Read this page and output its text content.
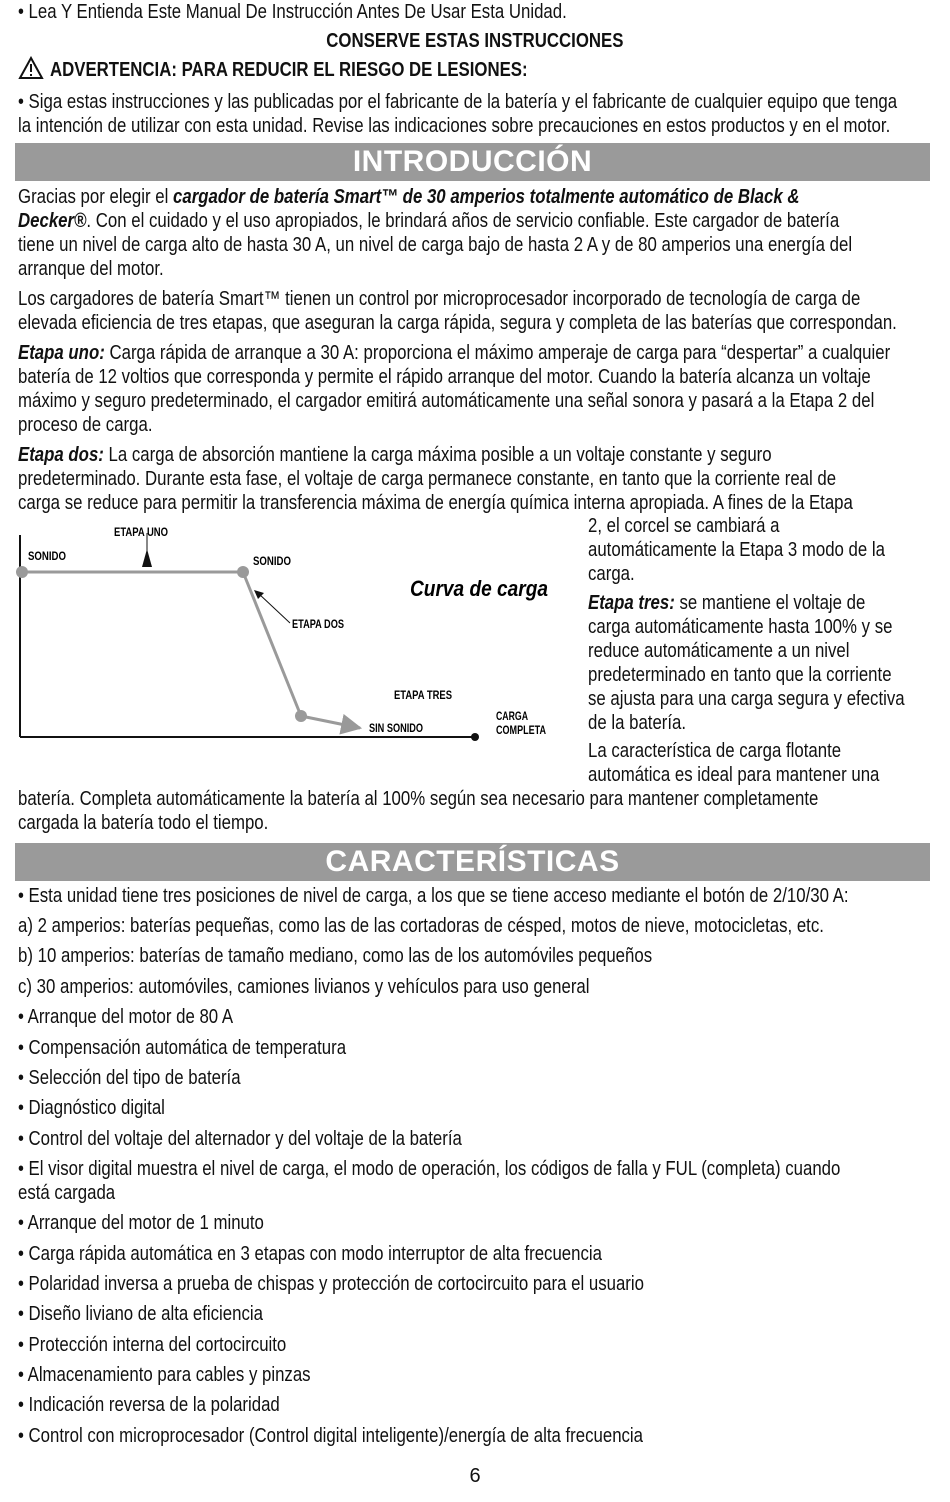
• Lea Y Entienda Este Manual De Instrucción Antes De Usar Esta Unidad.
CONSERVE ESTAS INSTRUCCIONES
ADVERTENCIA: PARA REDUCIR EL RIESGO DE LESIONES:
• Siga estas instrucciones y las publicadas por el fabricante de la batería y el fabricante de cualquier equipo que tenga
la intención de utilizar con esta unidad. Revise las indicaciones sobre precauciones en estos productos y en el motor.
INTRODUCCIÓN
Gracias por elegir el cargador de batería Smart™ de 30 amperios totalmente automático de Black &
Decker®. Con el cuidado y el uso apropiados, le brindará años de servicio confiable. Este cargador de batería
tiene un nivel de carga alto de hasta 30 A, un nivel de carga bajo de hasta 2 A y de 80 amperios una energía del
arranque del motor.
Los cargadores de batería Smart™ tienen un control por microprocesador incorporado de tecnología de carga de
elevada eficiencia de tres etapas, que aseguran la carga rápida, segura y completa de las baterías que correspondan.
Etapa uno: Carga rápida de arranque a 30 A: proporciona el máximo amperaje de carga para “despertar” a cualquier
batería de 12 voltios que corresponda y permite el rápido arranque del motor. Cuando la batería alcanza un voltaje
máximo y seguro predeterminado, el cargador emitirá automáticamente una señal sonora y pasará a la Etapa 2 del
proceso de carga.
Etapa dos: La carga de absorción mantiene la carga máxima posible a un voltaje constante y seguro
predeterminado. Durante esta fase, el voltaje de carga permanece constante, en tanto que la corriente real de
carga se reduce para permitir la transferencia máxima de energía química interna apropiada. A fines de la Etapa
2, el corcel se cambiará a
automáticamente la Etapa 3 modo de la
carga.
Etapa tres: se mantiene el voltaje de
carga automáticamente hasta 100% y se
reduce automáticamente a un nivel
predeterminado en tanto que la corriente
se ajusta para una carga segura y efectiva
de la batería.
La característica de carga flotante
automática es ideal para mantener una
batería. Completa automáticamente la batería al 100% según sea necesario para mantener completamente
cargada la batería todo el tiempo.
SONIDO
ETAPA UNO
SONIDO
ETAPA DOS
ETAPA TRES
SIN SONIDO
CARGA
COMPLETA
Curva de carga
CARACTERÍSTICAS
• Esta unidad tiene tres posiciones de nivel de carga, a los que se tiene acceso mediante el botón de 2/10/30 A:
a) 2 amperios: baterías pequeñas, como las de las cortadoras de césped, motos de nieve, motocicletas, etc.
b) 10 amperios: baterías de tamaño mediano, como las de los automóviles pequeños
c) 30 amperios: automóviles, camiones livianos y vehículos para uso general
• Arranque del motor de 80 A
• Compensación automática de temperatura
• Selección del tipo de batería
• Diagnóstico digital
• Control del voltaje del alternador y del voltaje de la batería
• El visor digital muestra el nivel de carga, el modo de operación, los códigos de falla y FUL (completa) cuando
está cargada
• Arranque del motor de 1 minuto
• Carga rápida automática en 3 etapas con modo interruptor de alta frecuencia
• Polaridad inversa a prueba de chispas y protección de cortocircuito para el usuario
• Diseño liviano de alta eficiencia
• Protección interna del cortocircuito
• Almacenamiento para cables y pinzas
• Indicación reversa de la polaridad
• Control con microprocesador (Control digital inteligente)/energía de alta frecuencia
6
